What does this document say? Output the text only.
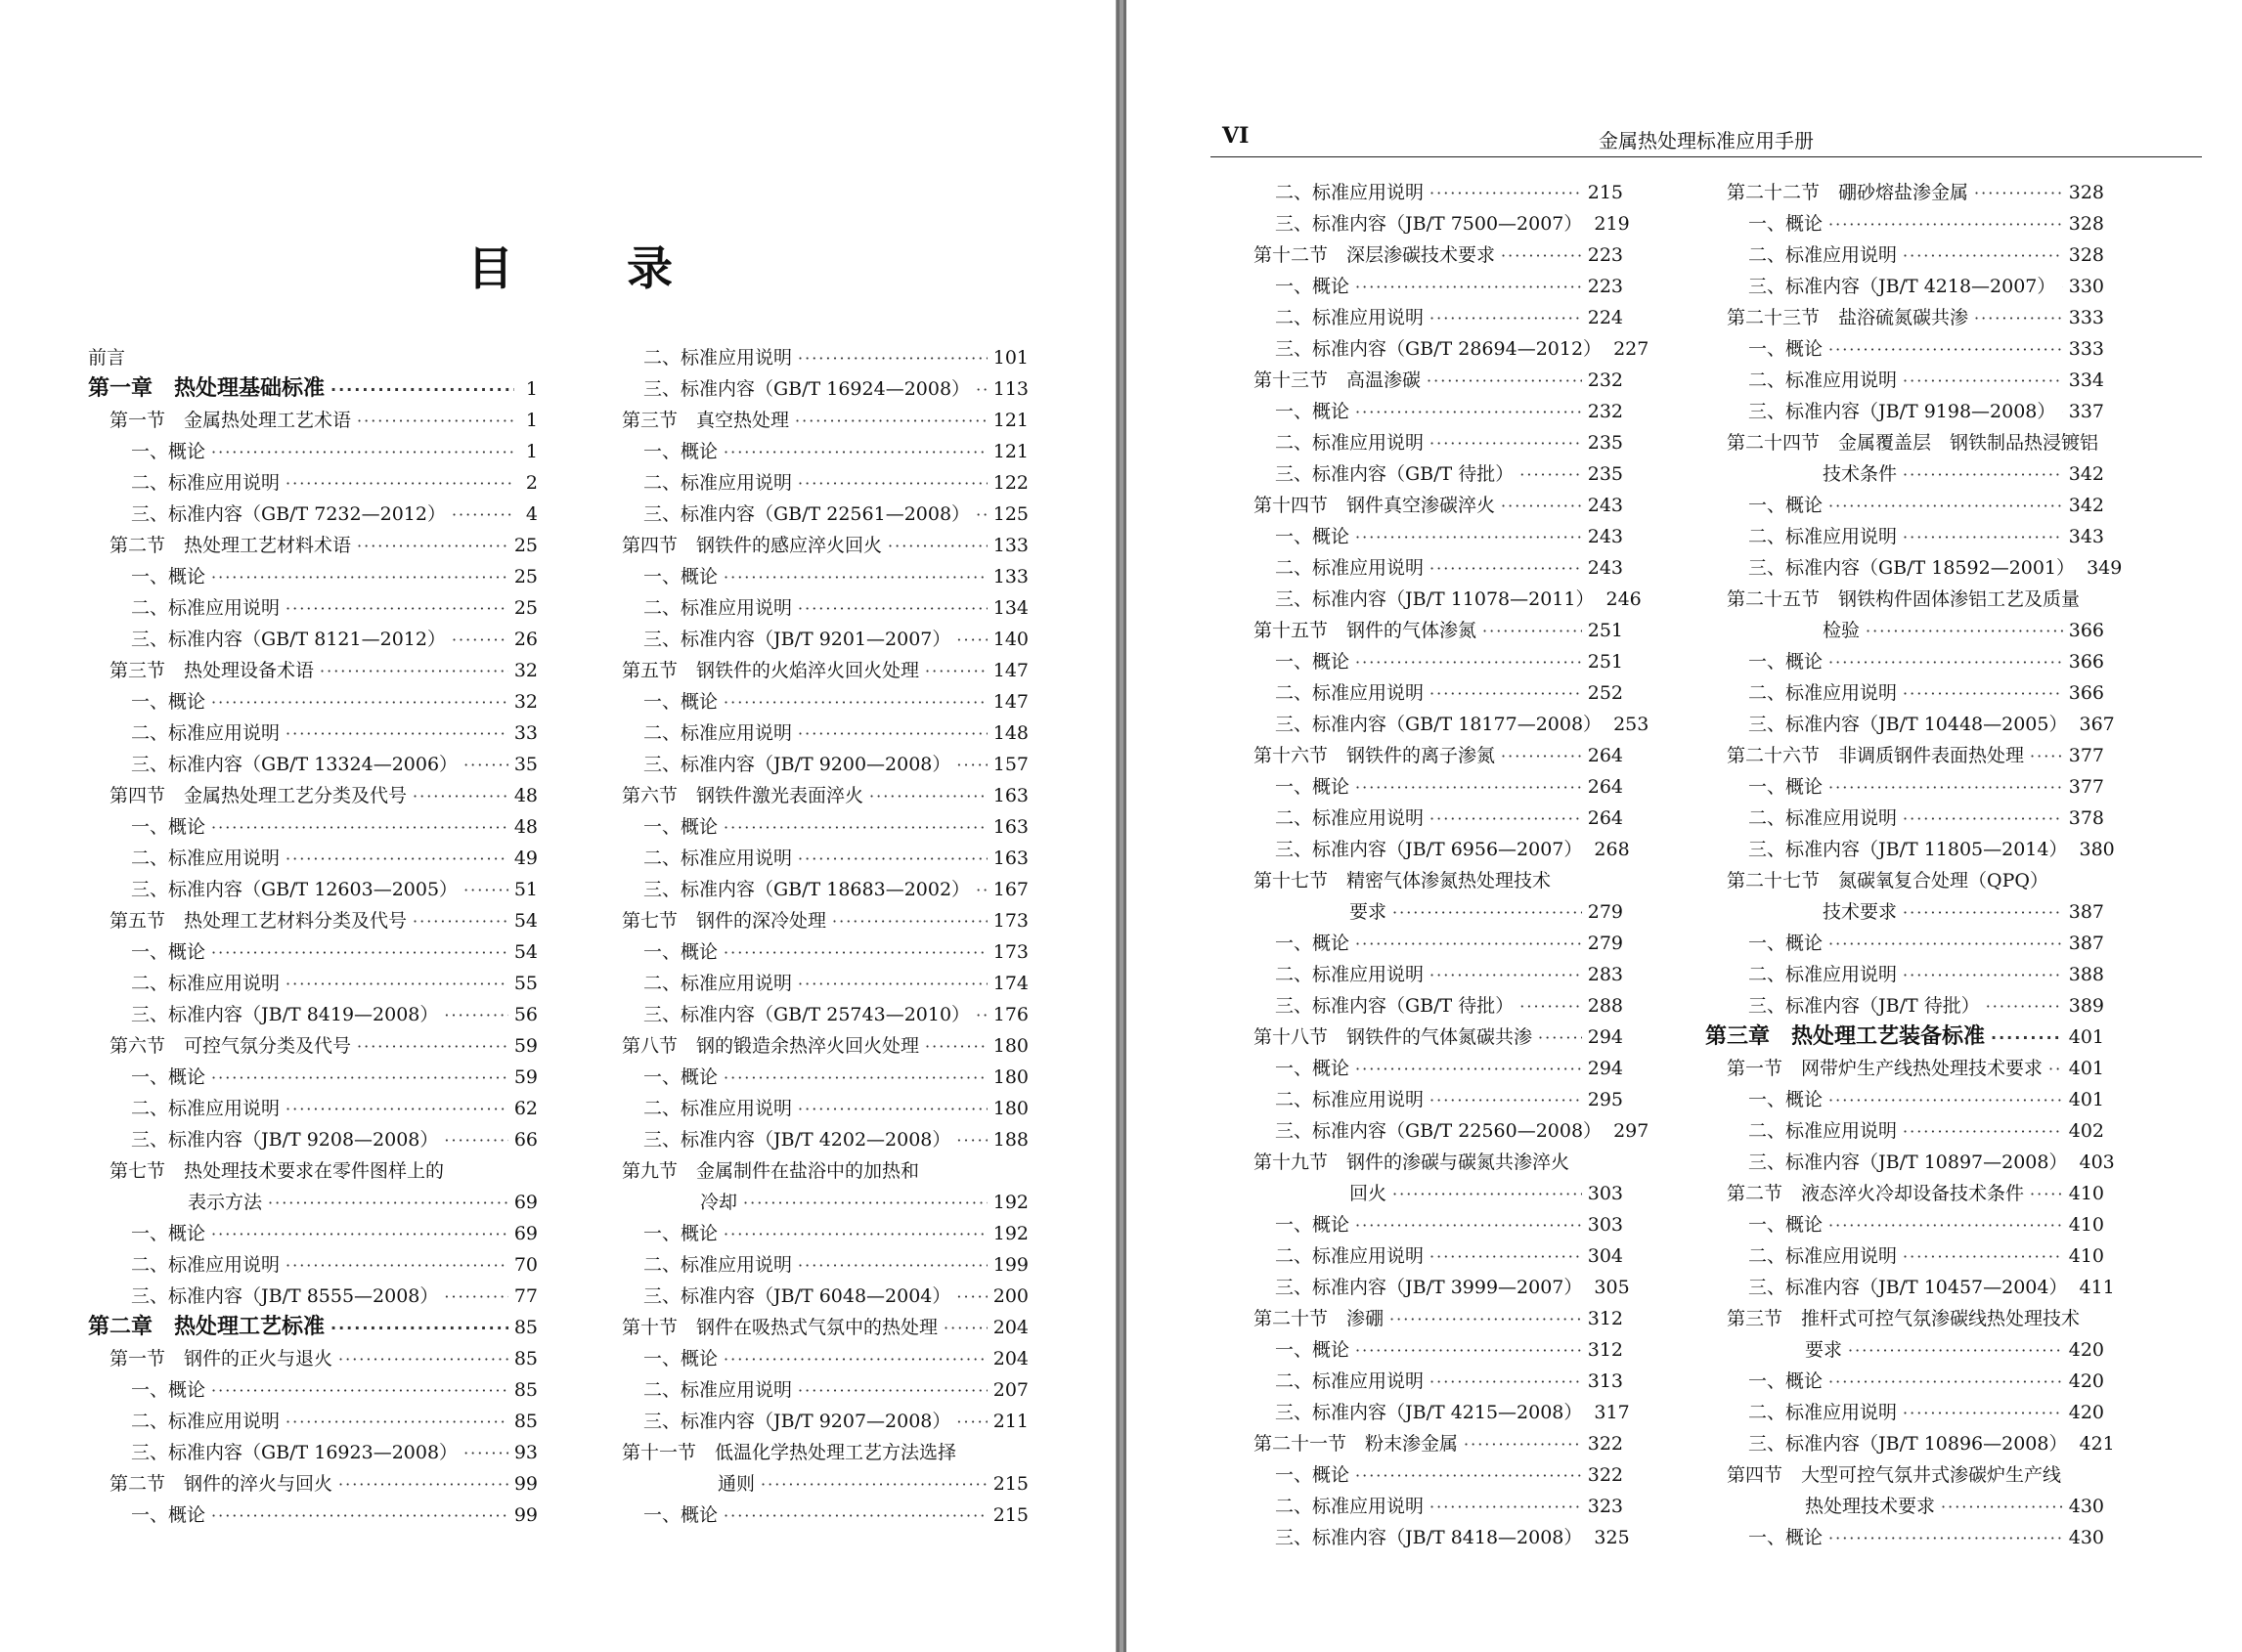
目 录
前言
第一章　热处理基础标准 ·····	1
第一节　金属热处理工艺术语 ·····	1
一、概论 ·····	1
二、标准应用说明 ·····	2
三、标准内容（GB/T 7232—2012） ·····	4
第二节　热处理工艺材料术语 ·····	25
一、概论 ·····	25
二、标准应用说明 ·····	25
三、标准内容（GB/T 8121—2012） ·····	26
第三节　热处理设备术语 ·····	32
一、概论 ·····	32
二、标准应用说明 ·····	33
三、标准内容（GB/T 13324—2006） ·····	35
第四节　金属热处理工艺分类及代号 ·····	48
一、概论 ·····	48
二、标准应用说明 ·····	49
三、标准内容（GB/T 12603—2005） ·····	51
第五节　热处理工艺材料分类及代号 ·····	54
一、概论 ·····	54
二、标准应用说明 ·····	55
三、标准内容（JB/T 8419—2008） ·····	56
第六节　可控气氛分类及代号 ·····	59
一、概论 ·····	59
二、标准应用说明 ·····	62
三、标准内容（JB/T 9208—2008） ·····	66
第七节　热处理技术要求在零件图样上的
表示方法 ·····	69
一、概论 ·····	69
二、标准应用说明 ·····	70
三、标准内容（JB/T 8555—2008） ·····	77
第二章　热处理工艺标准 ·····	85
第一节　钢件的正火与退火 ·····	85
一、概论 ·····	85
二、标准应用说明 ·····	85
三、标准内容（GB/T 16923—2008） ·····	93
第二节　钢件的淬火与回火 ·····	99
一、概论 ·····	99
二、标准应用说明 ·····	101
三、标准内容（GB/T 16924—2008） ····· 113
第三节　真空热处理 ·····	121
一、概论 ·····	121
二、标准应用说明 ·····	122
三、标准内容（GB/T 22561—2008） ····· 125
第四节　钢铁件的感应淬火回火 ·····	133
一、概论 ·····	133
二、标准应用说明 ·····	134
三、标准内容（JB/T 9201—2007） ····· 140
第五节　钢铁件的火焰淬火回火处理 ·····	147
一、概论 ·····	147
二、标准应用说明 ·····	148
三、标准内容（JB/T 9200—2008） ····· 157
第六节　钢铁件激光表面淬火 ·····	163
一、概论 ·····	163
二、标准应用说明 ·····	163
三、标准内容（GB/T 18683—2002） ····· 167
第七节　钢件的深冷处理 ·····	173
一、概论 ·····	173
二、标准应用说明 ·····	174
三、标准内容（GB/T 25743—2010） ····· 176
第八节　钢的锻造余热淬火回火处理 ·····	180
一、概论 ·····	180
二、标准应用说明 ·····	180
三、标准内容（JB/T 4202—2008） ····· 188
第九节　金属制件在盐浴中的加热和
冷却 ·····	192
一、概论 ·····	192
二、标准应用说明 ·····	199
三、标准内容（JB/T 6048—2004） ····· 200
第十节　钢件在吸热式气氛中的热处理 ·····	204
一、概论 ·····	204
二、标准应用说明 ·····	207
三、标准内容（JB/T 9207—2008） ····· 211
第十一节　低温化学热处理工艺方法选择
通则 ·····	215
一、概论 ·····	215
VI	金属热处理标准应用手册
二、标准应用说明 ·····	215
三、标准内容（JB/T 7500—2007） 219
第十二节　深层渗碳技术要求 ·····	223
一、概论 ·····	223
二、标准应用说明 ·····	224
三、标准内容（GB/T 28694—2012） 227
第十三节　高温渗碳 ·····	232
一、概论 ·····	232
二、标准应用说明 ·····	235
三、标准内容（GB/T 待批） ·····	235
第十四节　钢件真空渗碳淬火 ·····	243
一、概论 ·····	243
二、标准应用说明 ·····	243
三、标准内容（JB/T 11078—2011） 246
第十五节　钢件的气体渗氮 ·····	251
一、概论 ·····	251
二、标准应用说明 ·····	252
三、标准内容（GB/T 18177—2008） 253
第十六节　钢铁件的离子渗氮 ·····	264
一、概论 ·····	264
二、标准应用说明 ·····	264
三、标准内容（JB/T 6956—2007） 268
第十七节　精密气体渗氮热处理技术
要求 ·····	279
一、概论 ·····	279
二、标准应用说明 ·····	283
三、标准内容（GB/T 待批） ·····	288
第十八节　钢铁件的气体氮碳共渗 ·····	294
一、概论 ·····	294
二、标准应用说明 ·····	295
三、标准内容（GB/T 22560—2008） 297
第十九节　钢件的渗碳与碳氮共渗淬火
回火 ·····	303
一、概论 ·····	303
二、标准应用说明 ·····	304
三、标准内容（JB/T 3999—2007） 305
第二十节　渗硼 ·····	312
一、概论 ·····	312
二、标准应用说明 ·····	313
三、标准内容（JB/T 4215—2008） 317
第二十一节　粉末渗金属 ·····	322
一、概论 ·····	322
二、标准应用说明 ·····	323
三、标准内容（JB/T 8418—2008） 325
第二十二节　硼砂熔盐渗金属 ·····	328
一、概论 ·····	328
二、标准应用说明 ·····	328
三、标准内容（JB/T 4218—2007） ····· 330
第二十三节　盐浴硫氮碳共渗 ·····	333
一、概论 ·····	333
二、标准应用说明 ·····	334
三、标准内容（JB/T 9198—2008） ····· 337
第二十四节　金属覆盖层　钢铁制品热浸镀铝
技术条件 ·····	342
一、概论 ·····	342
二、标准应用说明 ·····	343
三、标准内容（GB/T 18592—2001） 349
第二十五节　钢铁构件固体渗铝工艺及质量
检验 ·····	366
一、概论 ·····	366
二、标准应用说明 ·····	366
三、标准内容（JB/T 10448—2005） 367
第二十六节　非调质钢件表面热处理 ····· 377
一、概论 ·····	377
二、标准应用说明 ·····	378
三、标准内容（JB/T 11805—2014） 380
第二十七节　氮碳氧复合处理（QPQ）
技术要求 ·····	387
一、概论 ·····	387
二、标准应用说明 ·····	388
三、标准内容（JB/T 待批） ·····	389
第三章　热处理工艺装备标准 ·····	401
第一节　网带炉生产线热处理技术要求 ····· 401
一、概论 ·····	401
二、标准应用说明 ·····	402
三、标准内容（JB/T 10897—2008） 403
第二节　液态淬火冷却设备技术条件 ····· 410
一、概论 ·····	410
二、标准应用说明 ·····	410
三、标准内容（JB/T 10457—2004） 411
第三节　推杆式可控气氛渗碳线热处理技术
要求 ·····	420
一、概论 ·····	420
二、标准应用说明 ·····	420
三、标准内容（JB/T 10896—2008） 421
第四节　大型可控气氛井式渗碳炉生产线
热处理技术要求 ·····	430
一、概论 ·····	430
